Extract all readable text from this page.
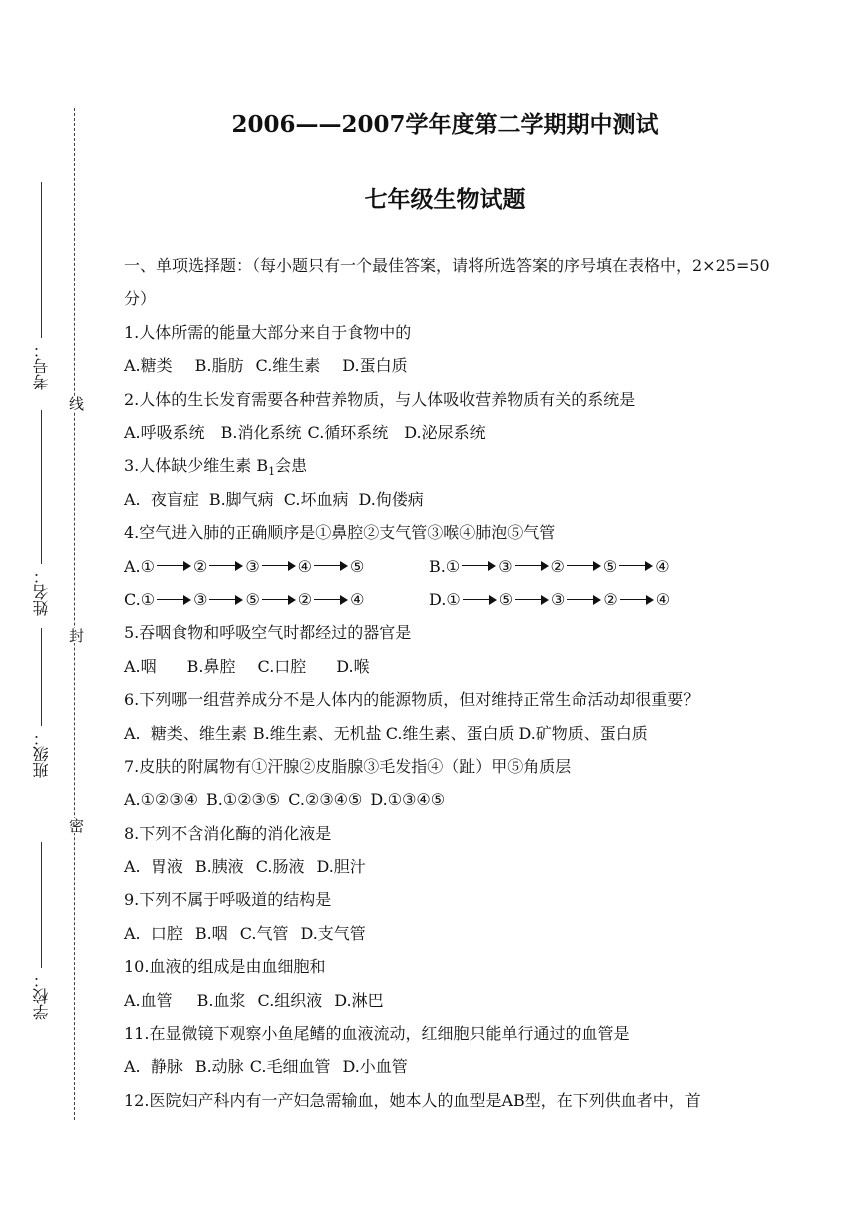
线
封
密
考号：
姓名：
班级：
学校：
2006——2007学年度第二学期期中测试
七年级生物试题
一、单项选择题：（每小题只有一个最佳答案，请将所选答案的序号填在表格中，2×25=50分）
1.人体所需的能量大部分来自于食物中的
A.糖类 B.脂肪 C.维生素 D.蛋白质
2.人体的生长发育需要各种营养物质，与人体吸收营养物质有关的系统是
A.呼吸系统 B.消化系统 C.循环系统 D.泌尿系统
3.人体缺少维生素 $B_1$会患
A.  夜盲症 B.脚气病 C.坏血病 D.佝偻病
4.空气进入肺的正确顺序是①鼻腔②支气管③喉④肺泡⑤气管
A. ① ② ③ ④ ⑤	B. ① ③ ② ⑤ ④
C. ① ③ ⑤ ② ④	D. ① ⑤ ③ ② ④
5.吞咽食物和呼吸空气时都经过的器官是
A.咽 B.鼻腔 C.口腔 D.喉
6.下列哪一组营养成分不是人体内的能源物质，但对维持正常生命活动却很重要？
A.  糖类、维生素 B.维生素、无机盐 C.维生素、蛋白质 D.矿物质、蛋白质
7.皮肤的附属物有①汗腺②皮脂腺③毛发指④（趾）甲⑤角质层
A.①②③④ B.①②③⑤ C.②③④⑤ D.①③④⑤
8.下列不含消化酶的消化液是
A.  胃液 B.胰液 C.肠液 D.胆汁
9.下列不属于呼吸道的结构是
A.  口腔 B.咽 C.气管 D.支气管
10.血液的组成是由血细胞和
A.血管 B.血浆 C.组织液 D.淋巴
11.在显微镜下观察小鱼尾鳍的血液流动，红细胞只能单行通过的血管是
A.  静脉 B.动脉 C.毛细血管 D.小血管
12.医院妇产科内有一产妇急需输血，她本人的血型是AB型，在下列供血者中，首
